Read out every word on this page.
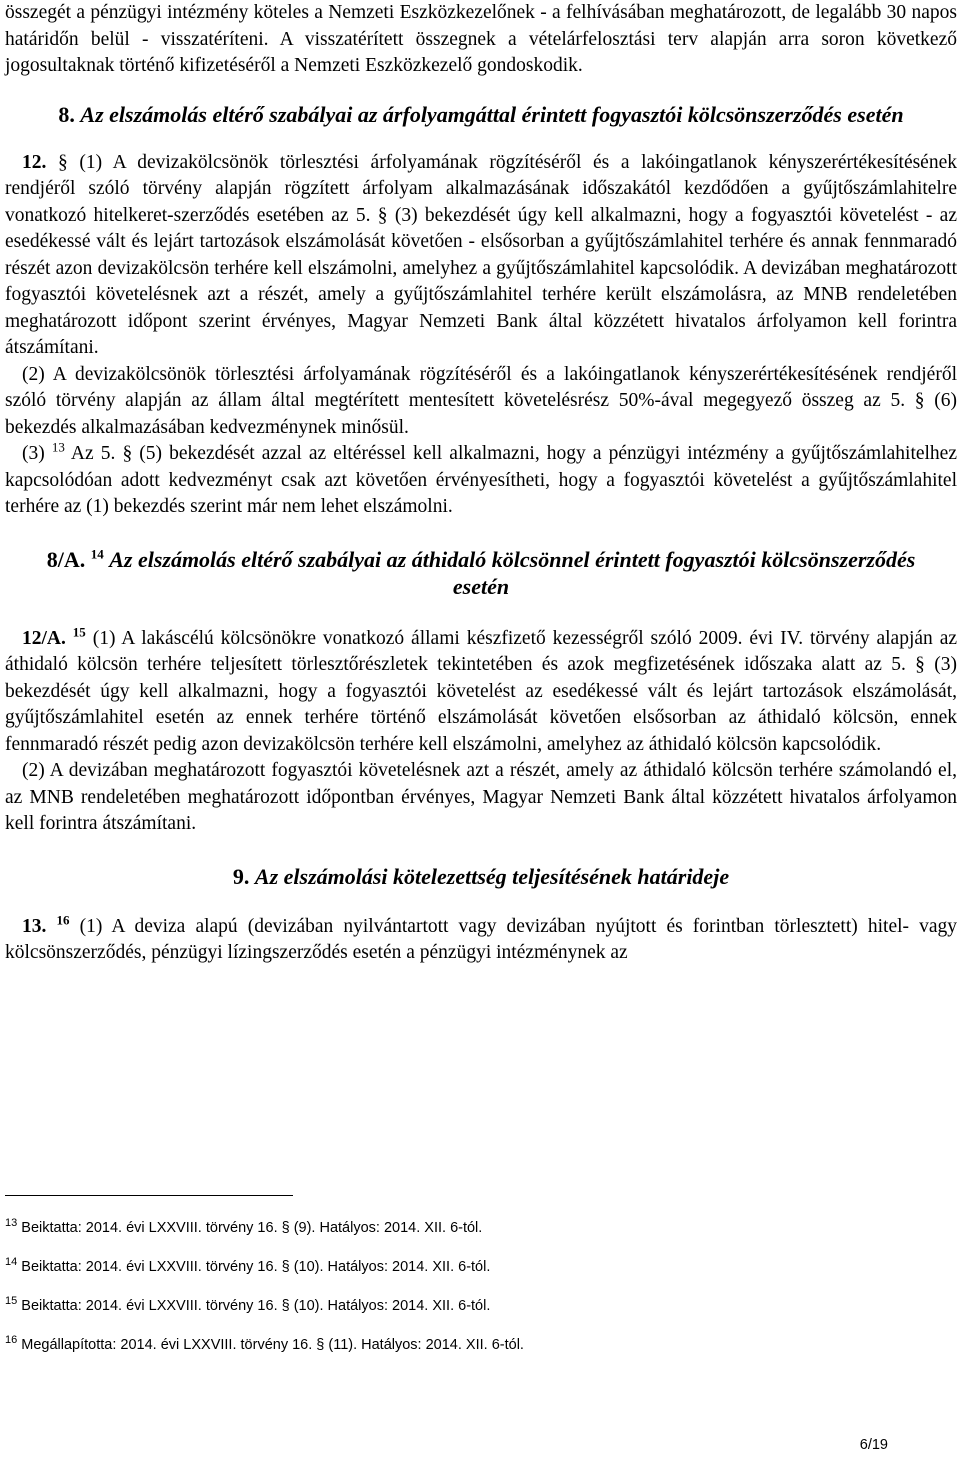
összegét a pénzügyi intézmény köteles a Nemzeti Eszközkezelőnek - a felhívásában meghatározott, de legalább 30 napos határidőn belül - visszatéríteni. A visszatérített összegnek a vételárfelosztási terv alapján arra soron következő jogosultaknak történő kifizetéséről a Nemzeti Eszközkezelő gondoskodik.

8. Az elszámolás eltérő szabályai az árfolyamgáttal érintett fogyasztói kölcsönszerződés esetén

12. § (1) A devizakölcsönök törlesztési árfolyamának rögzítéséről és a lakóingatlanok kényszerértékesítésének rendjéről szóló törvény alapján rögzített árfolyam alkalmazásának időszakától kezdődően a gyűjtőszámlahitelre vonatkozó hitelkeret-szerződés esetében az 5. § (3) bekezdését úgy kell alkalmazni, hogy a fogyasztói követelést - az esedékessé vált és lejárt tartozások elszámolását követően - elsősorban a gyűjtőszámlahitel terhére és annak fennmaradó részét azon devizakölcsön terhére kell elszámolni, amelyhez a gyűjtőszámlahitel kapcsolódik. A devizában meghatározott fogyasztói követelésnek azt a részét, amely a gyűjtőszámlahitel terhére került elszámolásra, az MNB rendeletében meghatározott időpont szerint érvényes, Magyar Nemzeti Bank által közzétett hivatalos árfolyamon kell forintra átszámítani.

(2) A devizakölcsönök törlesztési árfolyamának rögzítéséről és a lakóingatlanok kényszerértékesítésének rendjéről szóló törvény alapján az állam által megtérített mentesített követelésrész 50%-ával megegyező összeg az 5. § (6) bekezdés alkalmazásában kedvezménynek minősül.

(3) $^{13}$ Az 5. § (5) bekezdését azzal az eltéréssel kell alkalmazni, hogy a pénzügyi intézmény a gyűjtőszámlahitelhez kapcsolódóan adott kedvezményt csak azt követően érvényesítheti, hogy a fogyasztói követelést a gyűjtőszámlahitel terhére az (1) bekezdés szerint már nem lehet elszámolni.

8/A. $^{14}$ Az elszámolás eltérő szabályai az áthidaló kölcsönnel érintett fogyasztói kölcsönszerződés esetén

12/A. $^{15}$ (1) A lakáscélú kölcsönökre vonatkozó állami készfizető kezességről szóló 2009. évi IV. törvény alapján az áthidaló kölcsön terhére teljesített törlesztőrészletek tekintetében és azok megfizetésének időszaka alatt az 5. § (3) bekezdését úgy kell alkalmazni, hogy a fogyasztói követelést az esedékessé vált és lejárt tartozások elszámolását, gyűjtőszámlahitel esetén az ennek terhére történő elszámolását követően elsősorban az áthidaló kölcsön, ennek fennmaradó részét pedig azon devizakölcsön terhére kell elszámolni, amelyhez az áthidaló kölcsön kapcsolódik.

(2) A devizában meghatározott fogyasztói követelésnek azt a részét, amely az áthidaló kölcsön terhére számolandó el, az MNB rendeletében meghatározott időpontban érvényes, Magyar Nemzeti Bank által közzétett hivatalos árfolyamon kell forintra átszámítani.

9. Az elszámolási kötelezettség teljesítésének határideje

13. $^{16}$ (1) A deviza alapú (devizában nyilvántartott vagy devizában nyújtott és forintban törlesztett) hitel- vagy kölcsönszerződés, pénzügyi lízingszerződés esetén a pénzügyi intézménynek az

$^{13}$ Beiktatta: 2014. évi LXXVIII. törvény 16. § (9). Hatályos: 2014. XII. 6-tól.

$^{14}$ Beiktatta: 2014. évi LXXVIII. törvény 16. § (10). Hatályos: 2014. XII. 6-tól.

$^{15}$ Beiktatta: 2014. évi LXXVIII. törvény 16. § (10). Hatályos: 2014. XII. 6-tól.

$^{16}$ Megállapította: 2014. évi LXXVIII. törvény 16. § (11). Hatályos: 2014. XII. 6-tól.

6/19
